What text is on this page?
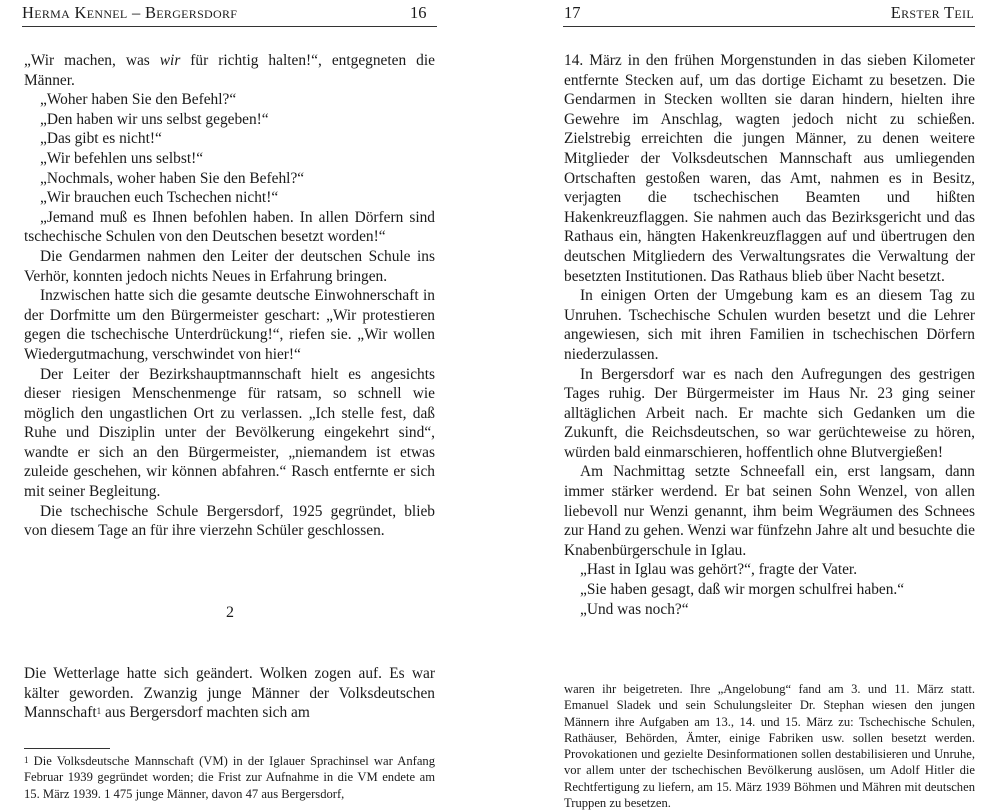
Herma Kennel – Bergersdorf	16

„Wir machen, was wir für richtig halten!“, entgegneten die Männer.

„Woher haben Sie den Befehl?“

„Den haben wir uns selbst gegeben!“

„Das gibt es nicht!“

„Wir befehlen uns selbst!“

„Nochmals, woher haben Sie den Befehl?“

„Wir brauchen euch Tschechen nicht!“

„Jemand muß es Ihnen befohlen haben. In allen Dörfern sind tschechische Schulen von den Deutschen besetzt worden!“

Die Gendarmen nahmen den Leiter der deutschen Schule ins Verhör, konnten jedoch nichts Neues in Erfahrung bringen.

Inzwischen hatte sich die gesamte deutsche Einwohnerschaft in der Dorfmitte um den Bürgermeister geschart: „Wir protestieren gegen die tschechische Unterdrückung!“, riefen sie. „Wir wollen Wiedergutmachung, verschwindet von hier!“

Der Leiter der Bezirkshauptmannschaft hielt es angesichts dieser riesigen Menschenmenge für ratsam, so schnell wie möglich den ungastlichen Ort zu verlassen. „Ich stelle fest, daß Ruhe und Disziplin unter der Bevölkerung eingekehrt sind“, wandte er sich an den Bürgermeister, „niemandem ist etwas zuleide geschehen, wir können abfahren.“ Rasch entfernte er sich mit seiner Begleitung.

Die tschechische Schule Bergersdorf, 1925 gegründet, blieb von diesem Tage an für ihre vierzehn Schüler geschlossen.

2

Die Wetterlage hatte sich geändert. Wolken zogen auf. Es war kälter geworden. Zwanzig junge Männer der Volksdeutschen Mannschaft$^1$ aus Bergersdorf machten sich am

$^1$ Die Volksdeutsche Mannschaft (VM) in der Iglauer Sprachinsel war Anfang Februar 1939 gegründet worden; die Frist zur Aufnahme in die VM endete am 15. März 1939. 1 475 junge Männer, davon 47 aus Bergersdorf,

17	Erster Teil

14. März in den frühen Morgenstunden in das sieben Kilometer entfernte Stecken auf, um das dortige Eichamt zu besetzen. Die Gendarmen in Stecken wollten sie daran hindern, hielten ihre Gewehre im Anschlag, wagten jedoch nicht zu schießen. Zielstrebig erreichten die jungen Männer, zu denen weitere Mitglieder der Volksdeutschen Mannschaft aus umliegenden Ortschaften gestoßen waren, das Amt, nahmen es in Besitz, verjagten die tschechischen Beamten und hißten Hakenkreuzflaggen. Sie nahmen auch das Bezirksgericht und das Rathaus ein, hängten Hakenkreuzflaggen auf und übertrugen den deutschen Mitgliedern des Verwaltungsrates die Verwaltung der besetzten Institutionen. Das Rathaus blieb über Nacht besetzt.

In einigen Orten der Umgebung kam es an diesem Tag zu Unruhen. Tschechische Schulen wurden besetzt und die Lehrer angewiesen, sich mit ihren Familien in tschechischen Dörfern niederzulassen.

In Bergersdorf war es nach den Aufregungen des gestrigen Tages ruhig. Der Bürgermeister im Haus Nr. 23 ging seiner alltäglichen Arbeit nach. Er machte sich Gedanken um die Zukunft, die Reichsdeutschen, so war gerüchteweise zu hören, würden bald einmarschieren, hoffentlich ohne Blutvergießen!

Am Nachmittag setzte Schneefall ein, erst langsam, dann immer stärker werdend. Er bat seinen Sohn Wenzel, von allen liebevoll nur Wenzi genannt, ihm beim Wegräumen des Schnees zur Hand zu gehen. Wenzi war fünfzehn Jahre alt und besuchte die Knabenbürgerschule in Iglau.

„Hast in Iglau was gehört?“, fragte der Vater.

„Sie haben gesagt, daß wir morgen schulfrei haben.“

„Und was noch?“

waren ihr beigetreten. Ihre „Angelobung“ fand am 3. und 11. März statt. Emanuel Sladek und sein Schulungsleiter Dr. Stephan wiesen den jungen Männern ihre Aufgaben am 13., 14. und 15. März zu: Tschechische Schulen, Rathäuser, Behörden, Ämter, einige Fabriken usw. sollen besetzt werden. Provokationen und gezielte Desinformationen sollen destabilisieren und Unruhe, vor allem unter der tschechischen Bevölkerung auslösen, um Adolf Hitler die Rechtfertigung zu liefern, am 15. März 1939 Böhmen und Mähren mit deutschen Truppen zu besetzen.
